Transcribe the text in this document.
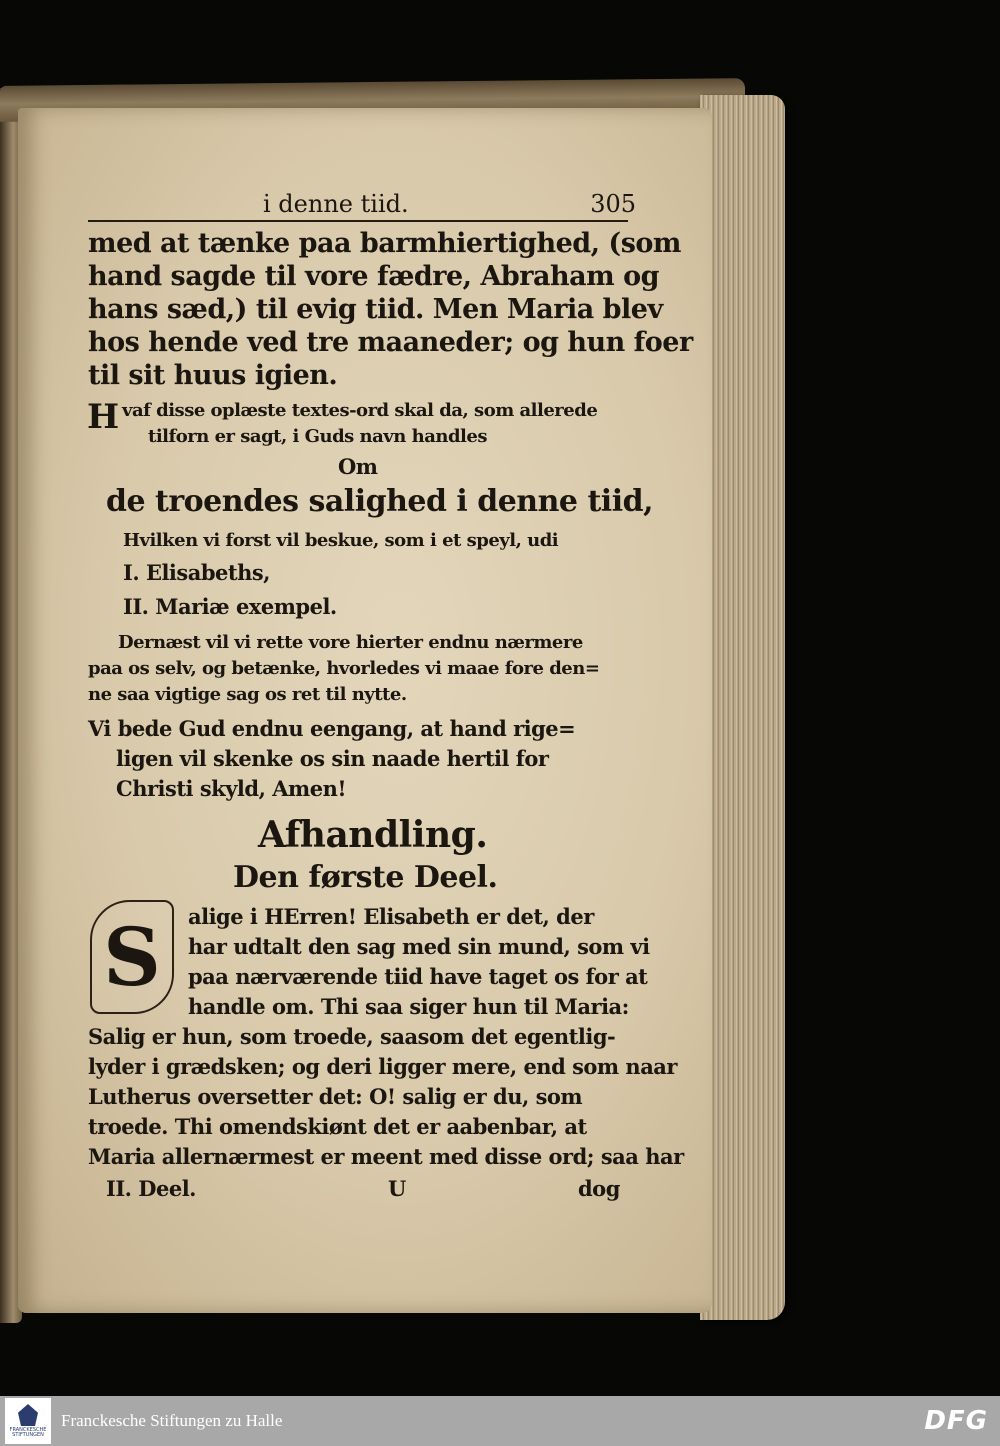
i denne tiid.	305
med at tænke paa barmhiertighed, (som
hand sagde til vore fædre, Abraham og
hans sæd,) til evig tiid. Men Maria blev
hos hende ved tre maaneder; og hun foer
til sit huus igien.
H vaf disse oplæste textes-ord skal da, som allerede
tilforn er sagt, i Guds navn handles
Om
de troendes salighed i denne tiid,
Hvilken vi forst vil beskue, som i et speyl, udi
I. Elisabeths,
II. Mariæ exempel.
Dernæst vil vi rette vore hierter endnu nærmere
paa os selv, og betænke, hvorledes vi maae fore den=
ne saa vigtige sag os ret til nytte.
Vi bede Gud endnu eengang, at hand rige=
ligen vil skenke os sin naade hertil for
Christi skyld, Amen!
Afhandling.
Den første Deel.
S	alige i HErren! Elisabeth er det, der
har udtalt den sag med sin mund, som vi
paa nærværende tiid have taget os for at
handle om. Thi saa siger hun til Maria:
Salig er hun, som troede, saasom det egentlig-
lyder i grædsken; og deri ligger mere, end som naar
Lutherus oversetter det: O! salig er du, som
troede. Thi omendskiønt det er aabenbar, at
Maria allernærmest er meent med disse ord; saa har
II. Deel.	U	dog
FRANCKESCHE STIFTUNGEN
Franckesche Stiftungen zu Halle	DFG
